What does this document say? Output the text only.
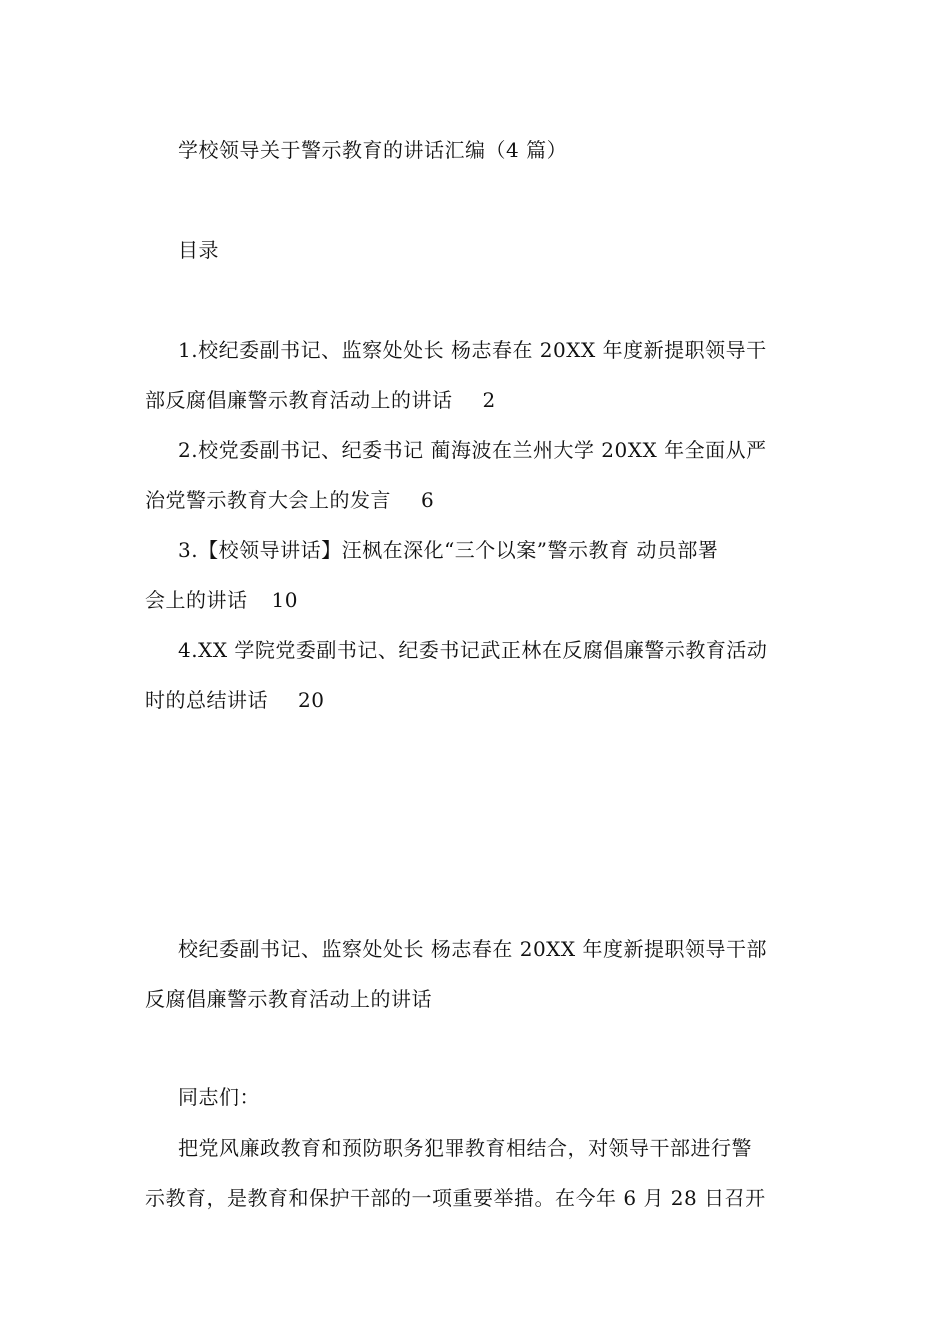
学校领导关于警示教育的讲话汇编（4 篇）
目录
1.校纪委副书记、监察处处长 杨志春在 20XX 年度新提职领导干
部反腐倡廉警示教育活动上的讲话 2
2.校党委副书记、纪委书记 蔺海波在兰州大学 20XX 年全面从严
治党警示教育大会上的发言 6
3.【校领导讲话】汪枫在深化“三个以案”警示教育 动员部署
会上的讲话 10
4.XX 学院党委副书记、纪委书记武正林在反腐倡廉警示教育活动
时的总结讲话 20
校纪委副书记、监察处处长 杨志春在 20XX 年度新提职领导干部
反腐倡廉警示教育活动上的讲话
同志们：
把党风廉政教育和预防职务犯罪教育相结合，对领导干部进行警
示教育，是教育和保护干部的一项重要举措。在今年 6 月 28 日召开
